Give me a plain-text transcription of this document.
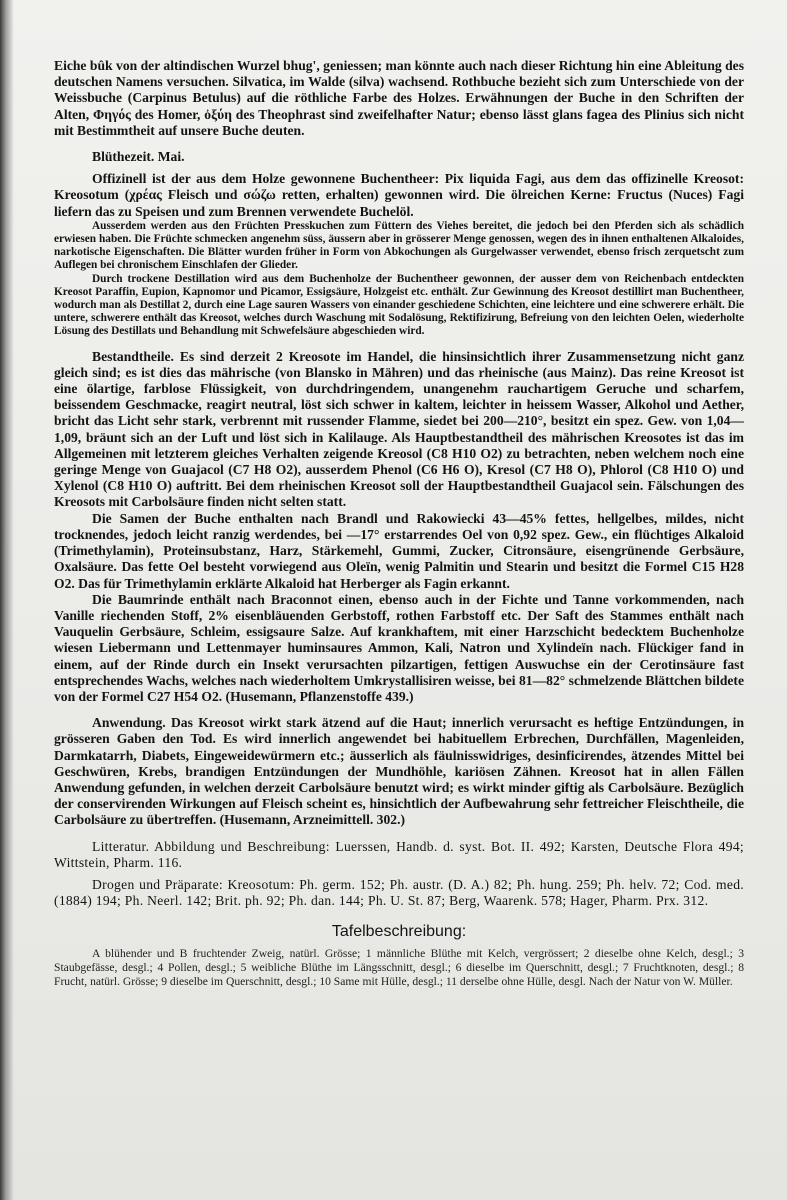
Eiche bûk von der altindischen Wurzel bhug', geniessen; man könnte auch nach dieser Richtung hin eine Ableitung des deutschen Namens versuchen. Silvatica, im Walde (silva) wachsend. Rothbuche bezieht sich zum Unterschiede von der Weissbuche (Carpinus Betulus) auf die röthliche Farbe des Holzes. Erwähnungen der Buche in den Schriften der Alten, Φηγός des Homer, ὀξύη des Theophrast sind zweifelhafter Natur; ebenso lässt glans fagea des Plinius sich nicht mit Bestimmtheit auf unsere Buche deuten.

Blüthezeit. Mai.

Offizinell ist der aus dem Holze gewonnene Buchentheer: Pix liquida Fagi, aus dem das offizinelle Kreosot: Kreosotum (χρέας Fleisch und σώζω retten, erhalten) gewonnen wird. Die ölreichen Kerne: Fructus (Nuces) Fagi liefern das zu Speisen und zum Brennen verwendete Buchelöl.

Ausserdem werden aus den Früchten Presskuchen zum Füttern des Viehes bereitet, die jedoch bei den Pferden sich als schädlich erwiesen haben. Die Früchte schmecken angenehm süss, äussern aber in grösserer Menge genossen, wegen des in ihnen enthaltenen Alkaloides, narkotische Eigenschaften. Die Blätter wurden früher in Form von Abkochungen als Gurgelwasser verwendet, ebenso frisch zerquetscht zum Auflegen bei chronischem Einschlafen der Glieder.

Durch trockene Destillation wird aus dem Buchenholze der Buchentheer gewonnen, der ausser dem von Reichenbach entdeckten Kreosot Paraffin, Eupion, Kapnomor und Picamor, Essigsäure, Holzgeist etc. enthält. Zur Gewinnung des Kreosot destillirt man Buchentheer, wodurch man als Destillat 2, durch eine Lage sauren Wassers von einander geschiedene Schichten, eine leichtere und eine schwerere erhält. Die untere, schwerere enthält das Kreosot, welches durch Waschung mit Sodalösung, Rektifizirung, Befreiung von den leichten Oelen, wiederholte Lösung des Destillats und Behandlung mit Schwefelsäure abgeschieden wird.

Bestandtheile. Es sind derzeit 2 Kreosote im Handel, die hinsinsichtlich ihrer Zusammensetzung nicht ganz gleich sind; es ist dies das mährische (von Blansko in Mähren) und das rheinische (aus Mainz). Das reine Kreosot ist eine ölartige, farblose Flüssigkeit, von durchdringendem, unangenehm rauchartigem Geruche und scharfem, beissendem Geschmacke, reagirt neutral, löst sich schwer in kaltem, leichter in heissem Wasser, Alkohol und Aether, bricht das Licht sehr stark, verbrennt mit russender Flamme, siedet bei 200—210°, besitzt ein spez. Gew. von 1,04—1,09, bräunt sich an der Luft und löst sich in Kalilauge. Als Hauptbestandtheil des mährischen Kreosotes ist das im Allgemeinen mit letzterem gleiches Verhalten zeigende Kreosol (C8 H10 O2) zu betrachten, neben welchem noch eine geringe Menge von Guajacol (C7 H8 O2), ausserdem Phenol (C6 H6 O), Kresol (C7 H8 O), Phlorol (C8 H10 O) und Xylenol (C8 H10 O) auftritt. Bei dem rheinischen Kreosot soll der Hauptbestandtheil Guajacol sein. Fälschungen des Kreosots mit Carbolsäure finden nicht selten statt.

Die Samen der Buche enthalten nach Brandl und Rakowiecki 43—45% fettes, hellgelbes, mildes, nicht trocknendes, jedoch leicht ranzig werdendes, bei —17° erstarrendes Oel von 0,92 spez. Gew., ein flüchtiges Alkaloid (Trimethylamin), Proteinsubstanz, Harz, Stärkemehl, Gummi, Zucker, Citronsäure, eisengrünende Gerbsäure, Oxalsäure. Das fette Oel besteht vorwiegend aus Oleïn, wenig Palmitin und Stearin und besitzt die Formel C15 H28 O2. Das für Trimethylamin erklärte Alkaloid hat Herberger als Fagin erkannt.

Die Baumrinde enthält nach Braconnot einen, ebenso auch in der Fichte und Tanne vorkommenden, nach Vanille riechenden Stoff, 2% eisenbläuenden Gerbstoff, rothen Farbstoff etc. Der Saft des Stammes enthält nach Vauquelin Gerbsäure, Schleim, essigsaure Salze. Auf krankhaftem, mit einer Harzschicht bedecktem Buchenholze wiesen Liebermann und Lettenmayer huminsaures Ammon, Kali, Natron und Xylindeïn nach. Flückiger fand in einem, auf der Rinde durch ein Insekt verursachten pilzartigen, fettigen Auswuchse ein der Cerotinsäure fast entsprechendes Wachs, welches nach wiederholtem Umkrystallisiren weisse, bei 81—82° schmelzende Blättchen bildete von der Formel C27 H54 O2. (Husemann, Pflanzenstoffe 439.)

Anwendung. Das Kreosot wirkt stark ätzend auf die Haut; innerlich verursacht es heftige Entzündungen, in grösseren Gaben den Tod. Es wird innerlich angewendet bei habituellem Erbrechen, Durchfällen, Magenleiden, Darmkatarrh, Diabets, Eingeweidewürmern etc.; äusserlich als fäulnisswidriges, desinficirendes, ätzendes Mittel bei Geschwüren, Krebs, brandigen Entzündungen der Mundhöhle, kariösen Zähnen. Kreosot hat in allen Fällen Anwendung gefunden, in welchen derzeit Carbolsäure benutzt wird; es wirkt minder giftig als Carbolsäure. Bezüglich der conservirenden Wirkungen auf Fleisch scheint es, hinsichtlich der Aufbewahrung sehr fettreicher Fleischtheile, die Carbolsäure zu übertreffen. (Husemann, Arzneimittell. 302.)

Litteratur. Abbildung und Beschreibung: Luerssen, Handb. d. syst. Bot. II. 492; Karsten, Deutsche Flora 494; Wittstein, Pharm. 116.

Drogen und Präparate: Kreosotum: Ph. germ. 152; Ph. austr. (D. A.) 82; Ph. hung. 259; Ph. helv. 72; Cod. med. (1884) 194; Ph. Neerl. 142; Brit. ph. 92; Ph. dan. 144; Ph. U. St. 87; Berg, Waarenk. 578; Hager, Pharm. Prx. 312.

Tafelbeschreibung:

A blühender und B fruchtender Zweig, natürl. Grösse; 1 männliche Blüthe mit Kelch, vergrössert; 2 dieselbe ohne Kelch, desgl.; 3 Staubgefässe, desgl.; 4 Pollen, desgl.; 5 weibliche Blüthe im Längsschnitt, desgl.; 6 dieselbe im Querschnitt, desgl.; 7 Fruchtknoten, desgl.; 8 Frucht, natürl. Grösse; 9 dieselbe im Querschnitt, desgl.; 10 Same mit Hülle, desgl.; 11 derselbe ohne Hülle, desgl. Nach der Natur von W. Müller.
